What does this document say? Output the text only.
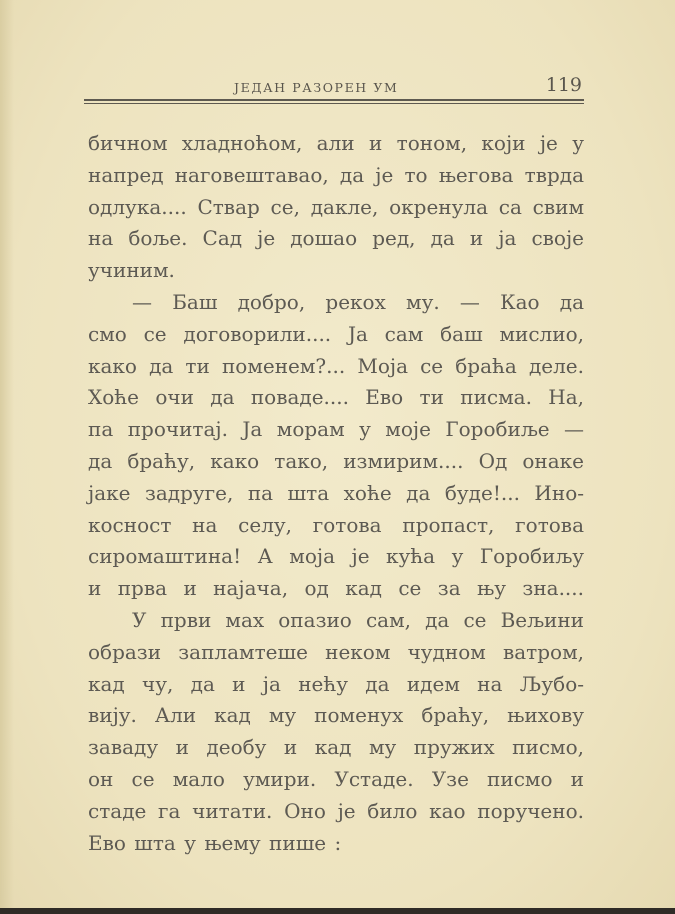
ЈЕДАН РАЗОРЕН УМ	119
бичном хладноћом, али и тоном, који је у
напред наговештавао, да је то његова тврда
одлука.... Ствар се, дакле, окренула са свим
на боље. Сад је дошао ред, да и ја своје
учиним.
— Баш добро, рекох му. — Као да
смо се договорили.... Ја сам баш мислио,
како да ти поменем?... Моја се браћа деле.
Хоће очи да поваде.... Ево ти писма. На,
па прочитај. Ја морам у моје Горобиље —
да браћу, како тако, измирим.... Од онаке
јаке задруге, па шта хоће да буде!... Ино-
косност на селу, готова пропаст, готова
сиромаштина! А моја је кућа у Горобиљу
и прва и најача, од кад се за њу зна....
У први мах опазио сам, да се Вељини
образи запламтеше неком чудном ватром,
кад чу, да и ја нећу да идем на Љубо-
вију. Али кад му поменух браћу, њихову
заваду и деобу и кад му пружих писмо,
он се мало умири. Устаде. Узе писмо и
стаде га читати. Оно је било као поручено.
Ево шта у њему пише :
